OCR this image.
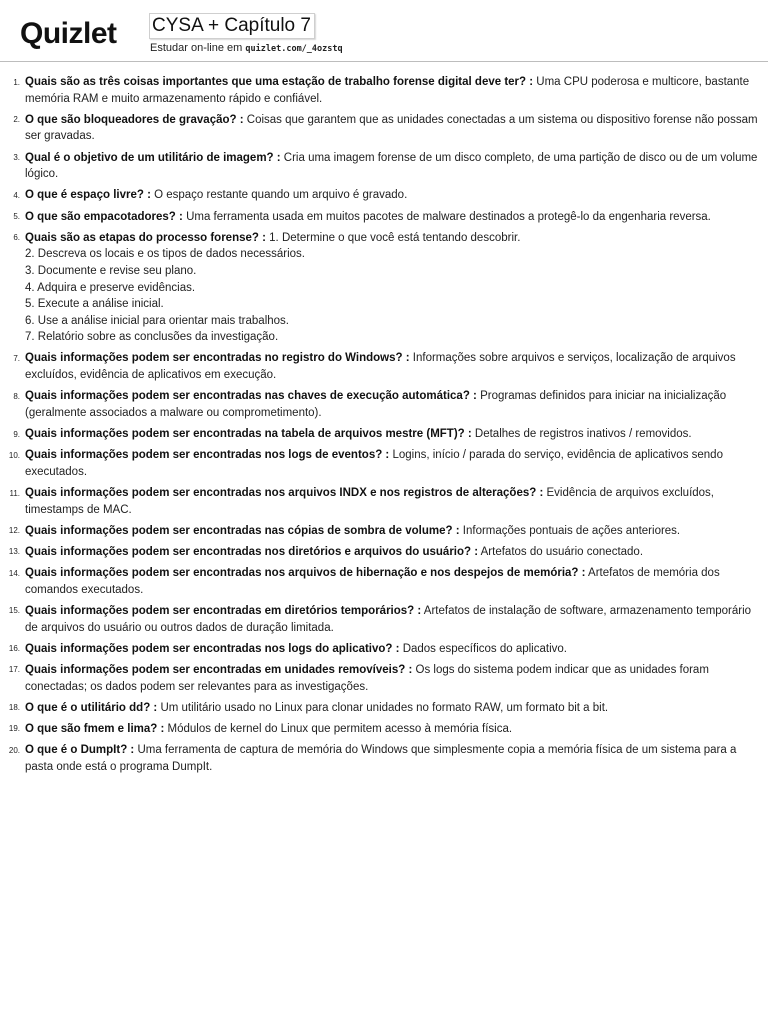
Quizlet CYSA + Capítulo 7
Estudar on-line em quizlet.com/_4ozstq
1. Quais são as três coisas importantes que uma estação de trabalho forense digital deve ter? : Uma CPU poderosa e multicore, bastante memória RAM e muito armazenamento rápido e confiável.
2. O que são bloqueadores de gravação? : Coisas que garantem que as unidades conectadas a um sistema ou dispositivo forense não possam ser gravadas.
3. Qual é o objetivo de um utilitário de imagem? : Cria uma imagem forense de um disco completo, de uma partição de disco ou de um volume lógico.
4. O que é espaço livre? : O espaço restante quando um arquivo é gravado.
5. O que são empacotadores? : Uma ferramenta usada em muitos pacotes de malware destinados a protegê-lo da engenharia reversa.
6. Quais são as etapas do processo forense? : 1. Determine o que você está tentando descobrir.
2. Descreva os locais e os tipos de dados necessários.
3. Documente e revise seu plano.
4. Adquira e preserve evidências.
5. Execute a análise inicial.
6. Use a análise inicial para orientar mais trabalhos.
7. Relatório sobre as conclusões da investigação.
7. Quais informações podem ser encontradas no registro do Windows? : Informações sobre arquivos e serviços, localização de arquivos excluídos, evidência de aplicativos em execução.
8. Quais informações podem ser encontradas nas chaves de execução automática? : Programas definidos para iniciar na inicialização (geralmente associados a malware ou comprometimento).
9. Quais informações podem ser encontradas na tabela de arquivos mestre (MFT)? : Detalhes de registros inativos / removidos.
10. Quais informações podem ser encontradas nos logs de eventos? : Logins, início / parada do serviço, evidência de aplicativos sendo executados.
11. Quais informações podem ser encontradas nos arquivos INDX e nos registros de alterações? : Evidência de arquivos excluídos, timestamps de MAC.
12. Quais informações podem ser encontradas nas cópias de sombra de volume? : Informações pontuais de ações anteriores.
13. Quais informações podem ser encontradas nos diretórios e arquivos do usuário? : Artefatos do usuário conectado.
14. Quais informações podem ser encontradas nos arquivos de hibernação e nos despejos de memória? : Artefatos de memória dos comandos executados.
15. Quais informações podem ser encontradas em diretórios temporários? : Artefatos de instalação de software, armazenamento temporário de arquivos do usuário ou outros dados de duração limitada.
16. Quais informações podem ser encontradas nos logs do aplicativo? : Dados específicos do aplicativo.
17. Quais informações podem ser encontradas em unidades removíveis? : Os logs do sistema podem indicar que as unidades foram conectadas; os dados podem ser relevantes para as investigações.
18. O que é o utilitário dd? : Um utilitário usado no Linux para clonar unidades no formato RAW, um formato bit a bit.
19. O que são fmem e lima? : Módulos de kernel do Linux que permitem acesso à memória física.
20. O que é o DumpIt? : Uma ferramenta de captura de memória do Windows que simplesmente copia a memória física de um sistema para a pasta onde está o programa DumpIt.
